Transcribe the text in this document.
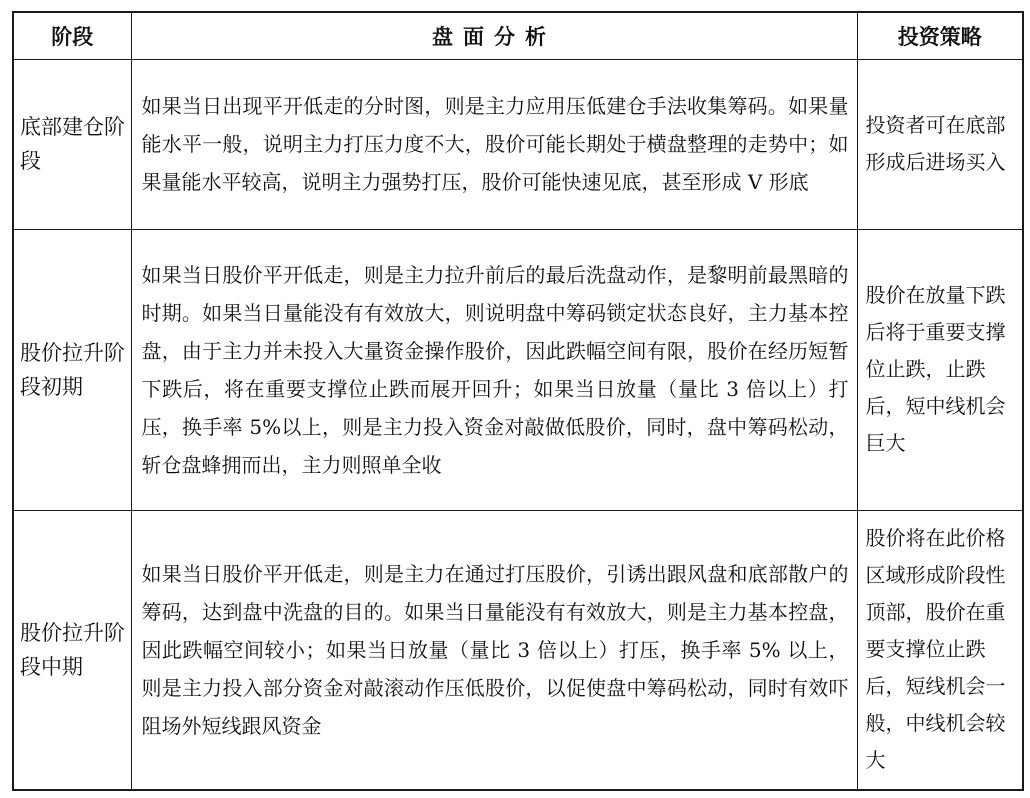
阶段	盘面分析	投资策略
底部建仓阶段	如果当日出现平开低走的分时图，则是主力应用压低建仓手法收集筹码。如果量能水平一般，说明主力打压力度不大，股价可能长期处于横盘整理的走势中；如果量能水平较高，说明主力强势打压，股价可能快速见底，甚至形成 V 形底	投资者可在底部形成后进场买入
股价拉升阶段初期	如果当日股价平开低走，则是主力拉升前后的最后洗盘动作，是黎明前最黑暗的时期。如果当日量能没有有效放大，则说明盘中筹码锁定状态良好，主力基本控盘，由于主力并未投入大量资金操作股价，因此跌幅空间有限，股价在经历短暂下跌后，将在重要支撑位止跌而展开回升；如果当日放量（量比 3 倍以上）打压，换手率 5%以上，则是主力投入资金对敲做低股价，同时，盘中筹码松动，斩仓盘蜂拥而出，主力则照单全收	股价在放量下跌后将于重要支撑位止跌，止跌后，短中线机会巨大
股价拉升阶段中期	如果当日股价平开低走，则是主力在通过打压股价，引诱出跟风盘和底部散户的筹码，达到盘中洗盘的目的。如果当日量能没有有效放大，则是主力基本控盘，因此跌幅空间较小；如果当日放量（量比 3 倍以上）打压，换手率 5% 以上，则是主力投入部分资金对敲滚动作压低股价，以促使盘中筹码松动，同时有效吓阻场外短线跟风资金	股价将在此价格区域形成阶段性顶部，股价在重要支撑位止跌后，短线机会一般，中线机会较大
